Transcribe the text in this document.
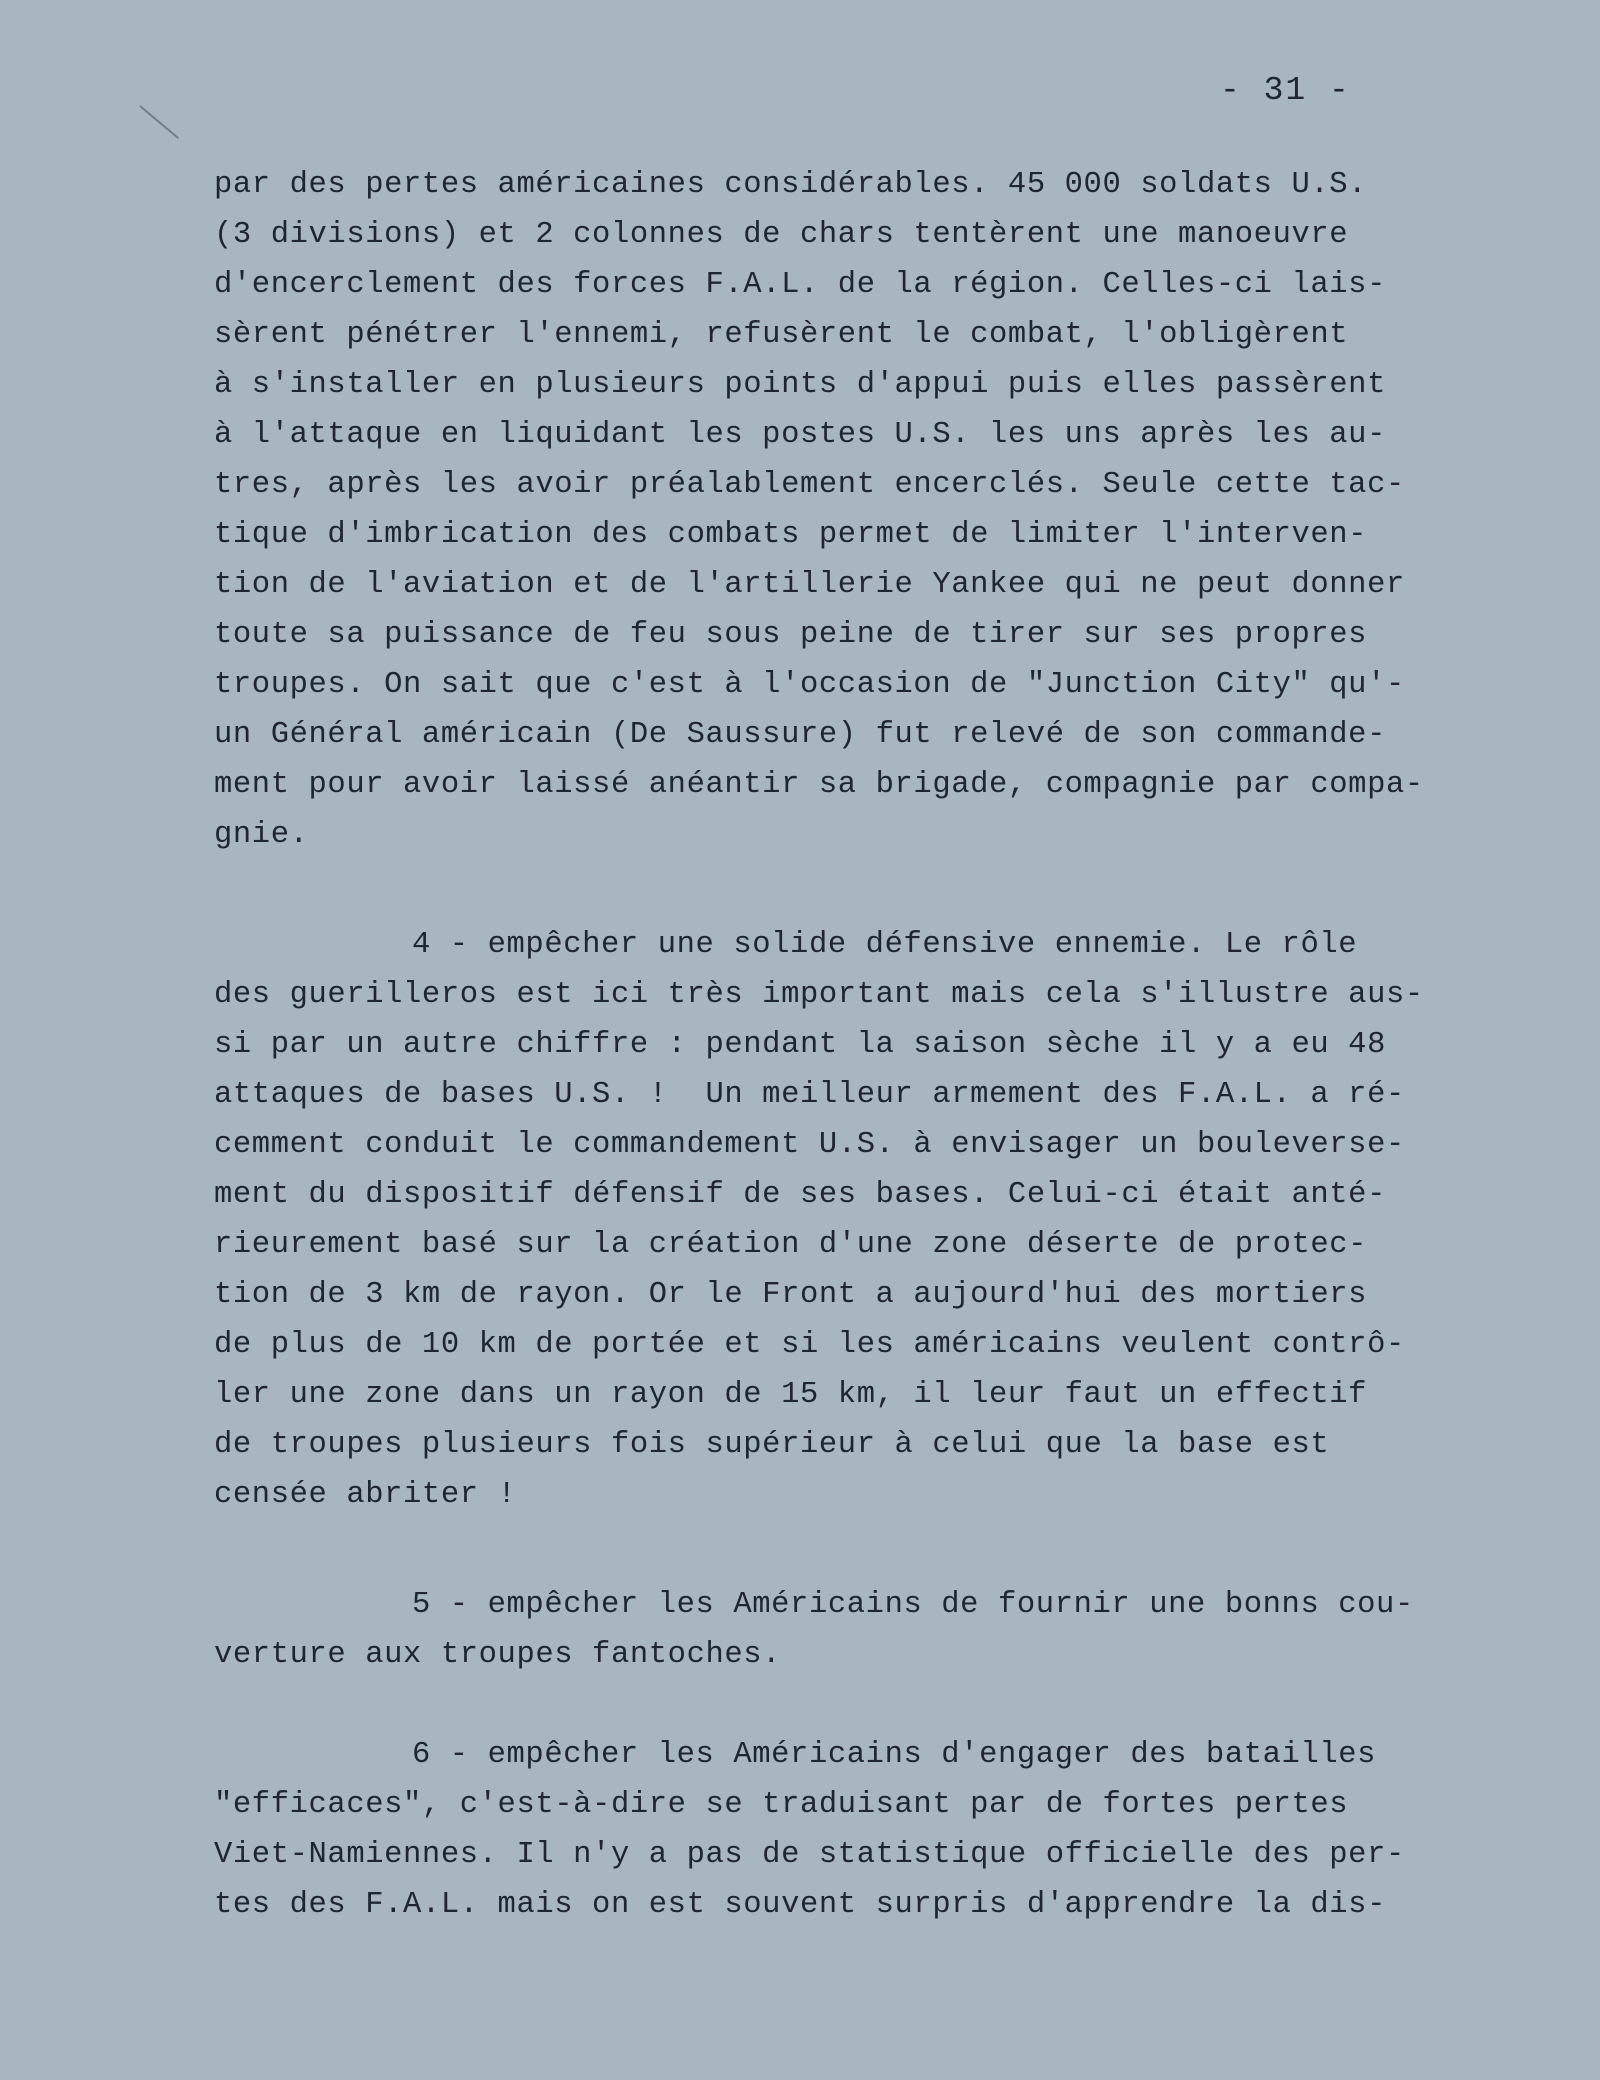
- 31 -
par des pertes américaines considérables. 45 000 soldats U.S.
(3 divisions) et 2 colonnes de chars tentèrent une manoeuvre
d'encerclement des forces F.A.L. de la région. Celles-ci lais-
sèrent pénétrer l'ennemi, refusèrent le combat, l'obligèrent
à s'installer en plusieurs points d'appui puis elles passèrent
à l'attaque en liquidant les postes U.S. les uns après les au-
tres, après les avoir préalablement encerclés. Seule cette tac-
tique d'imbrication des combats permet de limiter l'interven-
tion de l'aviation et de l'artillerie Yankee qui ne peut donner
toute sa puissance de feu sous peine de tirer sur ses propres
troupes. On sait que c'est à l'occasion de "Junction City" qu'-
un Général américain (De Saussure) fut relevé de son commande-
ment pour avoir laissé anéantir sa brigade, compagnie par compa-
gnie.
4 - empêcher une solide défensive ennemie. Le rôle
des guerilleros est ici très important mais cela s'illustre aus-
si par un autre chiffre : pendant la saison sèche il y a eu 48
attaques de bases U.S. !  Un meilleur armement des F.A.L. a ré-
cemment conduit le commandement U.S. à envisager un bouleverse-
ment du dispositif défensif de ses bases. Celui-ci était anté-
rieurement basé sur la création d'une zone déserte de protec-
tion de 3 km de rayon. Or le Front a aujourd'hui des mortiers
de plus de 10 km de portée et si les américains veulent contrô-
ler une zone dans un rayon de 15 km, il leur faut un effectif
de troupes plusieurs fois supérieur à celui que la base est
censée abriter !
5 - empêcher les Américains de fournir une bonns cou-
verture aux troupes fantoches.
6 - empêcher les Américains d'engager des batailles
"efficaces", c'est-à-dire se traduisant par de fortes pertes
Viet-Namiennes. Il n'y a pas de statistique officielle des per-
tes des F.A.L. mais on est souvent surpris d'apprendre la dis-
